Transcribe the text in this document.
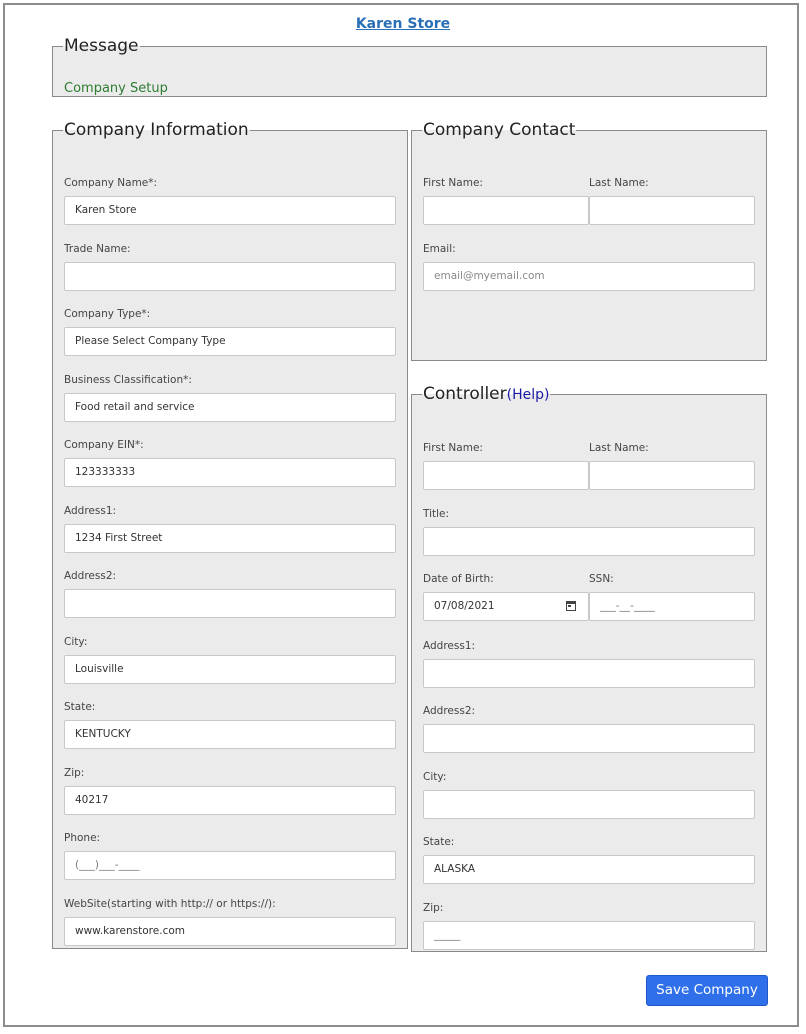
Karen Store
Message
Company Setup
Company Information
Company Name*:
Karen Store
Trade Name:
Company Type*:
Please Select Company Type
Business Classification*:
Food retail and service
Company EIN*:
123333333
Address1:
1234 First Street
Address2:
City:
Louisville
State:
KENTUCKY
Zip:
40217
Phone:
(___)___-____
WebSite(starting with http:// or https://):
www.karenstore.com
Company Contact
First Name:	Last Name:
Email:
email@myemail.com
Controller(Help)
First Name:	Last Name:
Title:
Date of Birth:	SSN:
07/08/2021	___-__-____
Address1:
Address2:
City:
State:
ALASKA
Zip:
_____
Save Company
